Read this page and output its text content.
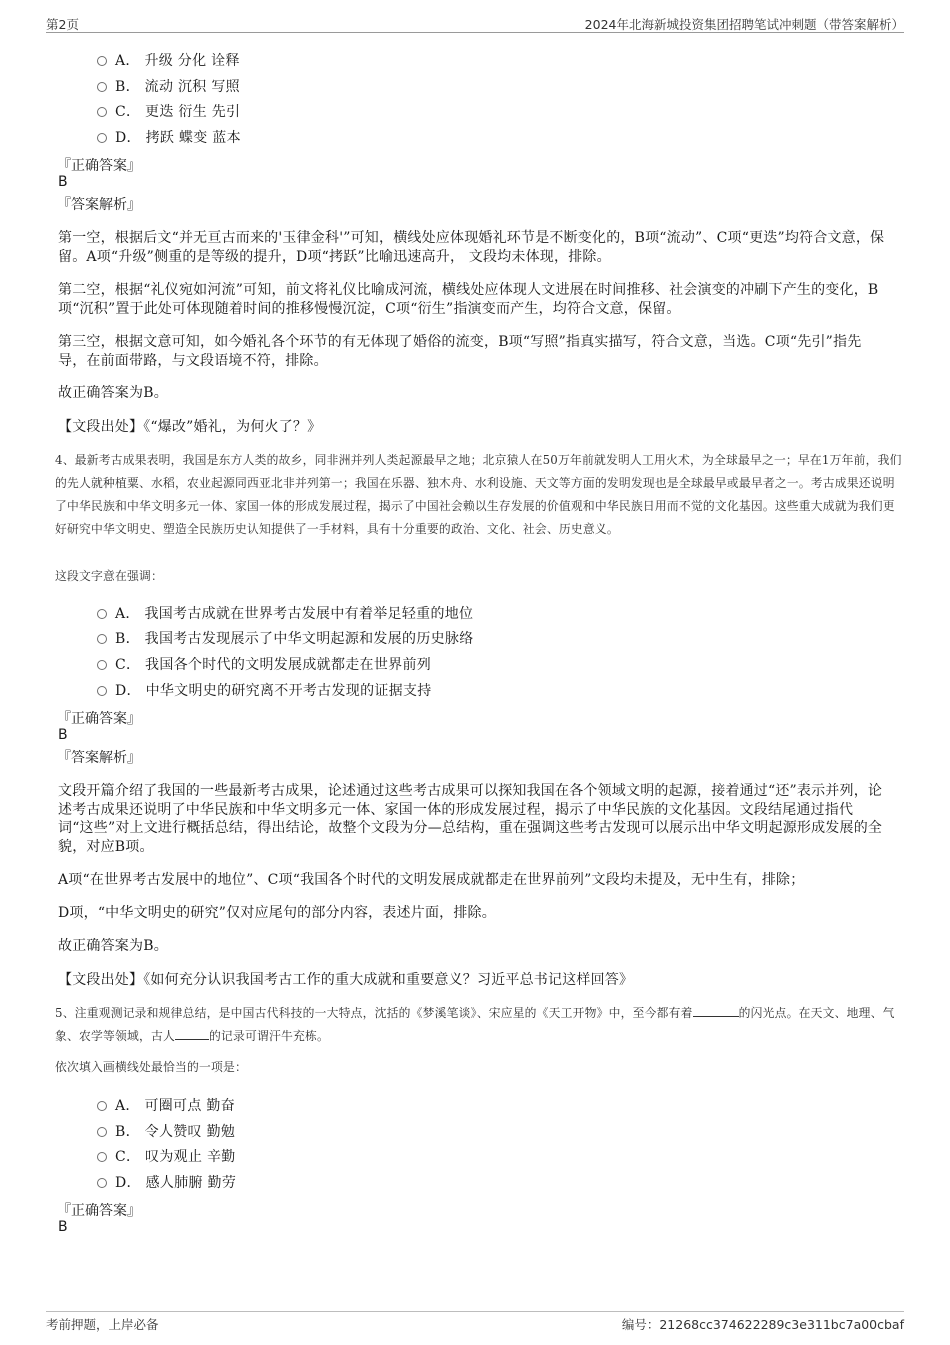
第2页	2024年北海新城投资集团招聘笔试冲刺题（带答案解析）
A． 升级 分化 诠释
B． 流动 沉积 写照
C． 更迭 衍生 先引
D． 拷跃 蝶变 蓝本
『正确答案』
B
『答案解析』
第一空，根据后文“并无亘古而来的'玉律金科'”可知，横线处应体现婚礼环节是不断变化的，B项“流动”、C项“更迭”均符合文意，保留。A项“升级”侧重的是等级的提升，D项“拷跃”比喻迅速高升， 文段均未体现，排除。
第二空，根据“礼仪宛如河流”可知，前文将礼仪比喻成河流，横线处应体现人文进展在时间推移、社会演变的冲刷下产生的变化，B项“沉积”置于此处可体现随着时间的推移慢慢沉淀，C项“衍生”指演变而产生，均符合文意，保留。
第三空，根据文意可知，如今婚礼各个环节的有无体现了婚俗的流变，B项“写照”指真实描写，符合文意，当选。C项“先引”指先导，在前面带路，与文段语境不符，排除。
故正确答案为B。
【文段出处】《“爆改”婚礼，为何火了？》
4、最新考古成果表明，我国是东方人类的故乡，同非洲并列人类起源最早之地；北京猿人在50万年前就发明人工用火术，为全球最早之一；早在1万年前，我们的先人就种植粟、水稻，农业起源同西亚北非并列第一；我国在乐器、独木舟、水利设施、天文等方面的发明发现也是全球最早或最早者之一。考古成果还说明了中华民族和中华文明多元一体、家国一体的形成发展过程，揭示了中国社会赖以生存发展的价值观和中华民族日用而不觉的文化基因。这些重大成就为我们更好研究中华文明史、塑造全民族历史认知提供了一手材料，具有十分重要的政治、文化、社会、历史意义。
这段文字意在强调：
A． 我国考古成就在世界考古发展中有着举足轻重的地位
B． 我国考古发现展示了中华文明起源和发展的历史脉络
C． 我国各个时代的文明发展成就都走在世界前列
D． 中华文明史的研究离不开考古发现的证据支持
『正确答案』
B
『答案解析』
文段开篇介绍了我国的一些最新考古成果，论述通过这些考古成果可以探知我国在各个领域文明的起源，接着通过“还”表示并列，论述考古成果还说明了中华民族和中华文明多元一体、家国一体的形成发展过程，揭示了中华民族的文化基因。文段结尾通过指代词“这些”对上文进行概括总结，得出结论，故整个文段为分—总结构，重在强调这些考古发现可以展示出中华文明起源形成发展的全貌，对应B项。
A项“在世界考古发展中的地位”、C项“我国各个时代的文明发展成就都走在世界前列”文段均未提及，无中生有，排除；
D项，“中华文明史的研究”仅对应尾句的部分内容，表述片面，排除。
故正确答案为B。
【文段出处】《如何充分认识我国考古工作的重大成就和重要意义？习近平总书记这样回答》
5、注重观测记录和规律总结，是中国古代科技的一大特点，沈括的《梦溪笔谈》、宋应星的《天工开物》中，至今都有着	的闪光点。在天文、地理、气象、农学等领域，古人	的记录可谓汗牛充栋。
依次填入画横线处最恰当的一项是：
A． 可圈可点 勤奋
B． 令人赞叹 勤勉
C． 叹为观止 辛勤
D． 感人肺腑 勤劳
『正确答案』
B
考前押题，上岸必备	编号：21268cc374622289c3e311bc7a00cbaf
